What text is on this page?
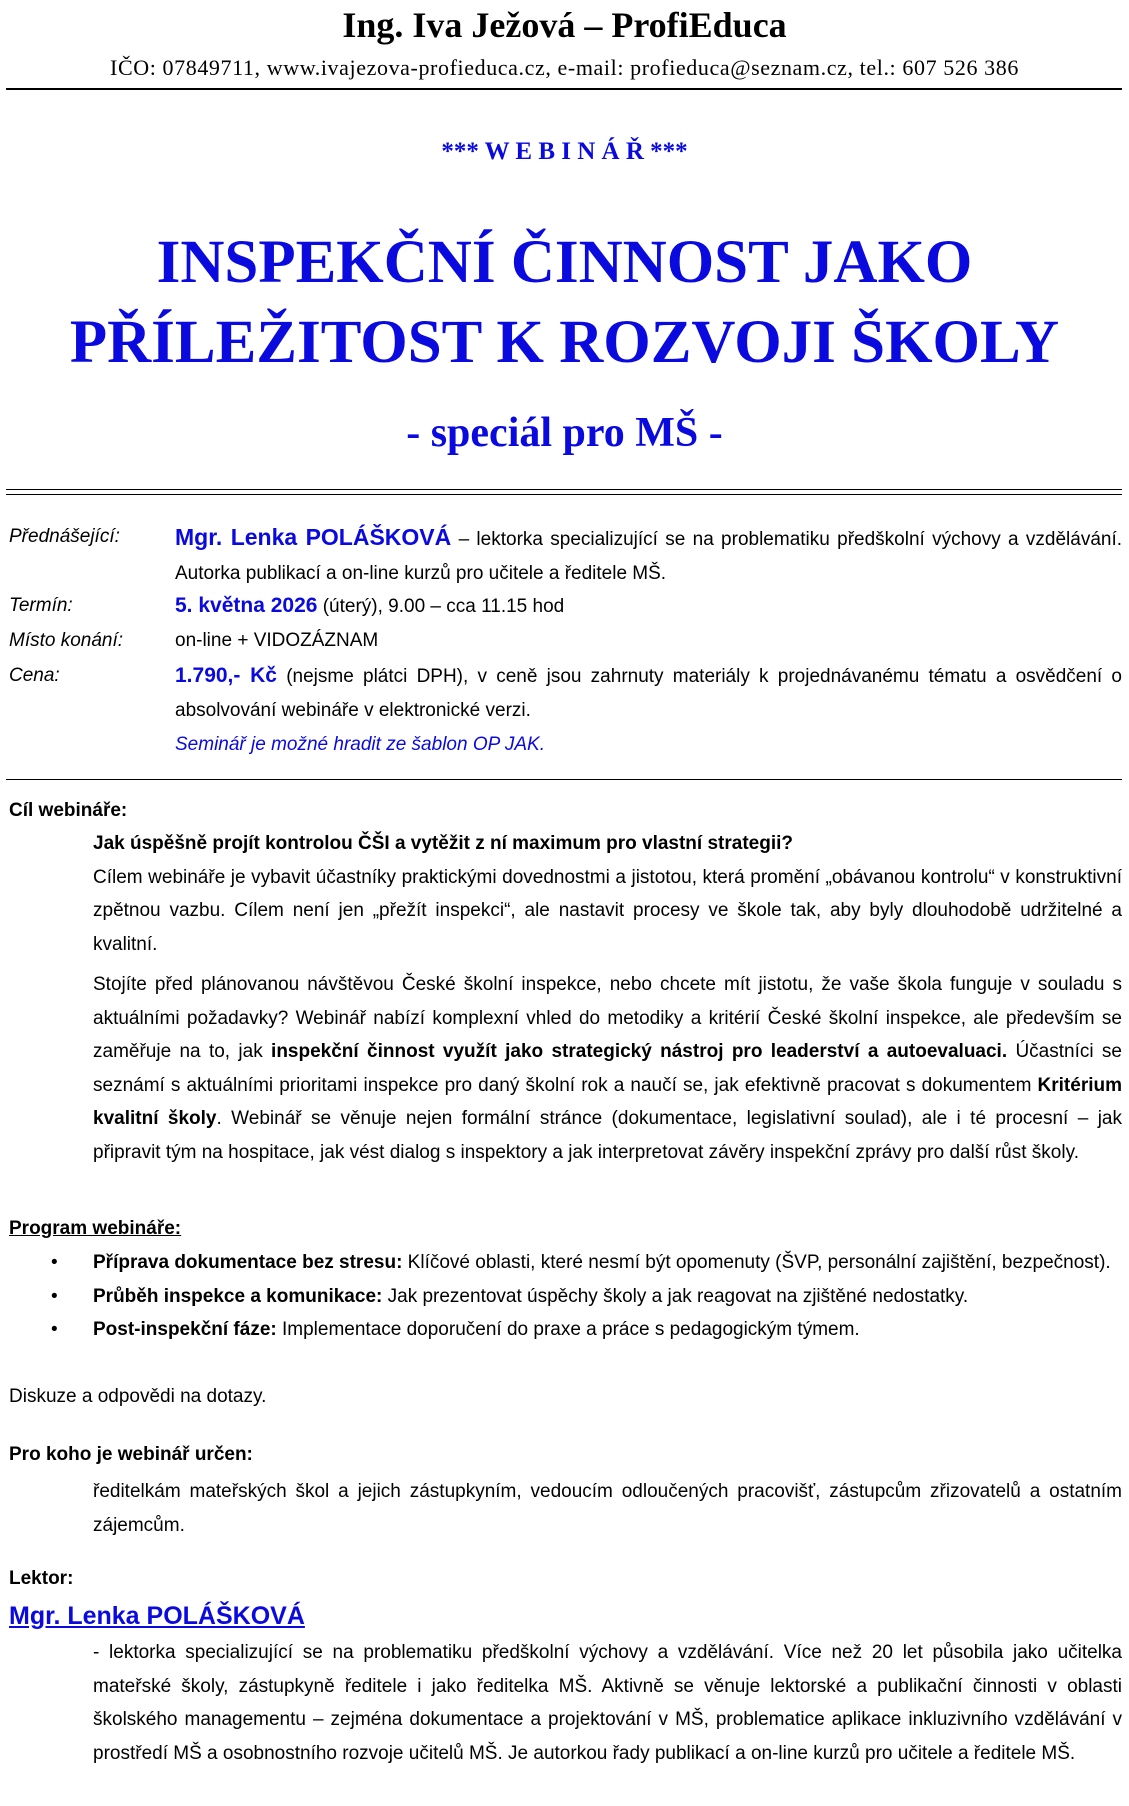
Ing. Iva Ježová – ProfiEduca
IČO: 07849711, www.ivajezova-profieduca.cz, e-mail: profieduca@seznam.cz, tel.: 607 526 386
*** W E B I N Á Ř ***
INSPEKČNÍ ČINNOST JAKO
PŘÍLEŽITOST K ROZVOJI ŠKOLY
- speciál pro MŠ -
Přednášející: Mgr. Lenka POLÁŠKOVÁ – lektorka specializující se na problematiku předškolní výchovy a vzdělávání. Autorka publikací a on-line kurzů pro učitele a ředitele MŠ.
Termín:	5. května 2026 (úterý), 9.00 – cca 11.15 hod
Místo konání:	on-line + VIDOZÁZNAM
Cena:	1.790,- Kč (nejsme plátci DPH), v ceně jsou zahrnuty materiály k projednávanému tématu a osvědčení o absolvování webináře v elektronické verzi.
Seminář je možné hradit ze šablon OP JAK.
Cíl webináře:
Jak úspěšně projít kontrolou ČŠI a vytěžit z ní maximum pro vlastní strategii?
Cílem webináře je vybavit účastníky praktickými dovednostmi a jistotou, která promění „obávanou kontrolu“ v konstruktivní zpětnou vazbu. Cílem není jen „přežít inspekci“, ale nastavit procesy ve škole tak, aby byly dlouhodobě udržitelné a kvalitní.
Stojíte před plánovanou návštěvou České školní inspekce, nebo chcete mít jistotu, že vaše škola funguje v souladu s aktuálními požadavky? Webinář nabízí komplexní vhled do metodiky a kritérií České školní inspekce, ale především se zaměřuje na to, jak inspekční činnost využít jako strategický nástroj pro leaderství a autoevaluaci. Účastníci se seznámí s aktuálními prioritami inspekce pro daný školní rok a naučí se, jak efektivně pracovat s dokumentem Kritérium kvalitní školy. Webinář se věnuje nejen formální stránce (dokumentace, legislativní soulad), ale i té procesní – jak připravit tým na hospitace, jak vést dialog s inspektory a jak interpretovat závěry inspekční zprávy pro další růst školy.
Program webináře:
• Příprava dokumentace bez stresu: Klíčové oblasti, které nesmí být opomenuty (ŠVP, personální zajištění, bezpečnost).
• Průběh inspekce a komunikace: Jak prezentovat úspěchy školy a jak reagovat na zjištěné nedostatky.
• Post-inspekční fáze: Implementace doporučení do praxe a práce s pedagogickým týmem.
Diskuze a odpovědi na dotazy.
Pro koho je webinář určen:
ředitelkám mateřských škol a jejich zástupkyním, vedoucím odloučených pracovišť, zástupcům zřizovatelů a ostatním zájemcům.
Lektor:
Mgr. Lenka POLÁŠKOVÁ
- lektorka specializující se na problematiku předškolní výchovy a vzdělávání. Více než 20 let působila jako učitelka mateřské školy, zástupkyně ředitele i jako ředitelka MŠ. Aktivně se věnuje lektorské a publikační činnosti v oblasti školského managementu – zejména dokumentace a projektování v MŠ, problematice aplikace inkluzivního vzdělávání v prostředí MŠ a osobnostního rozvoje učitelů MŠ. Je autorkou řady publikací a on-line kurzů pro učitele a ředitele MŠ.
